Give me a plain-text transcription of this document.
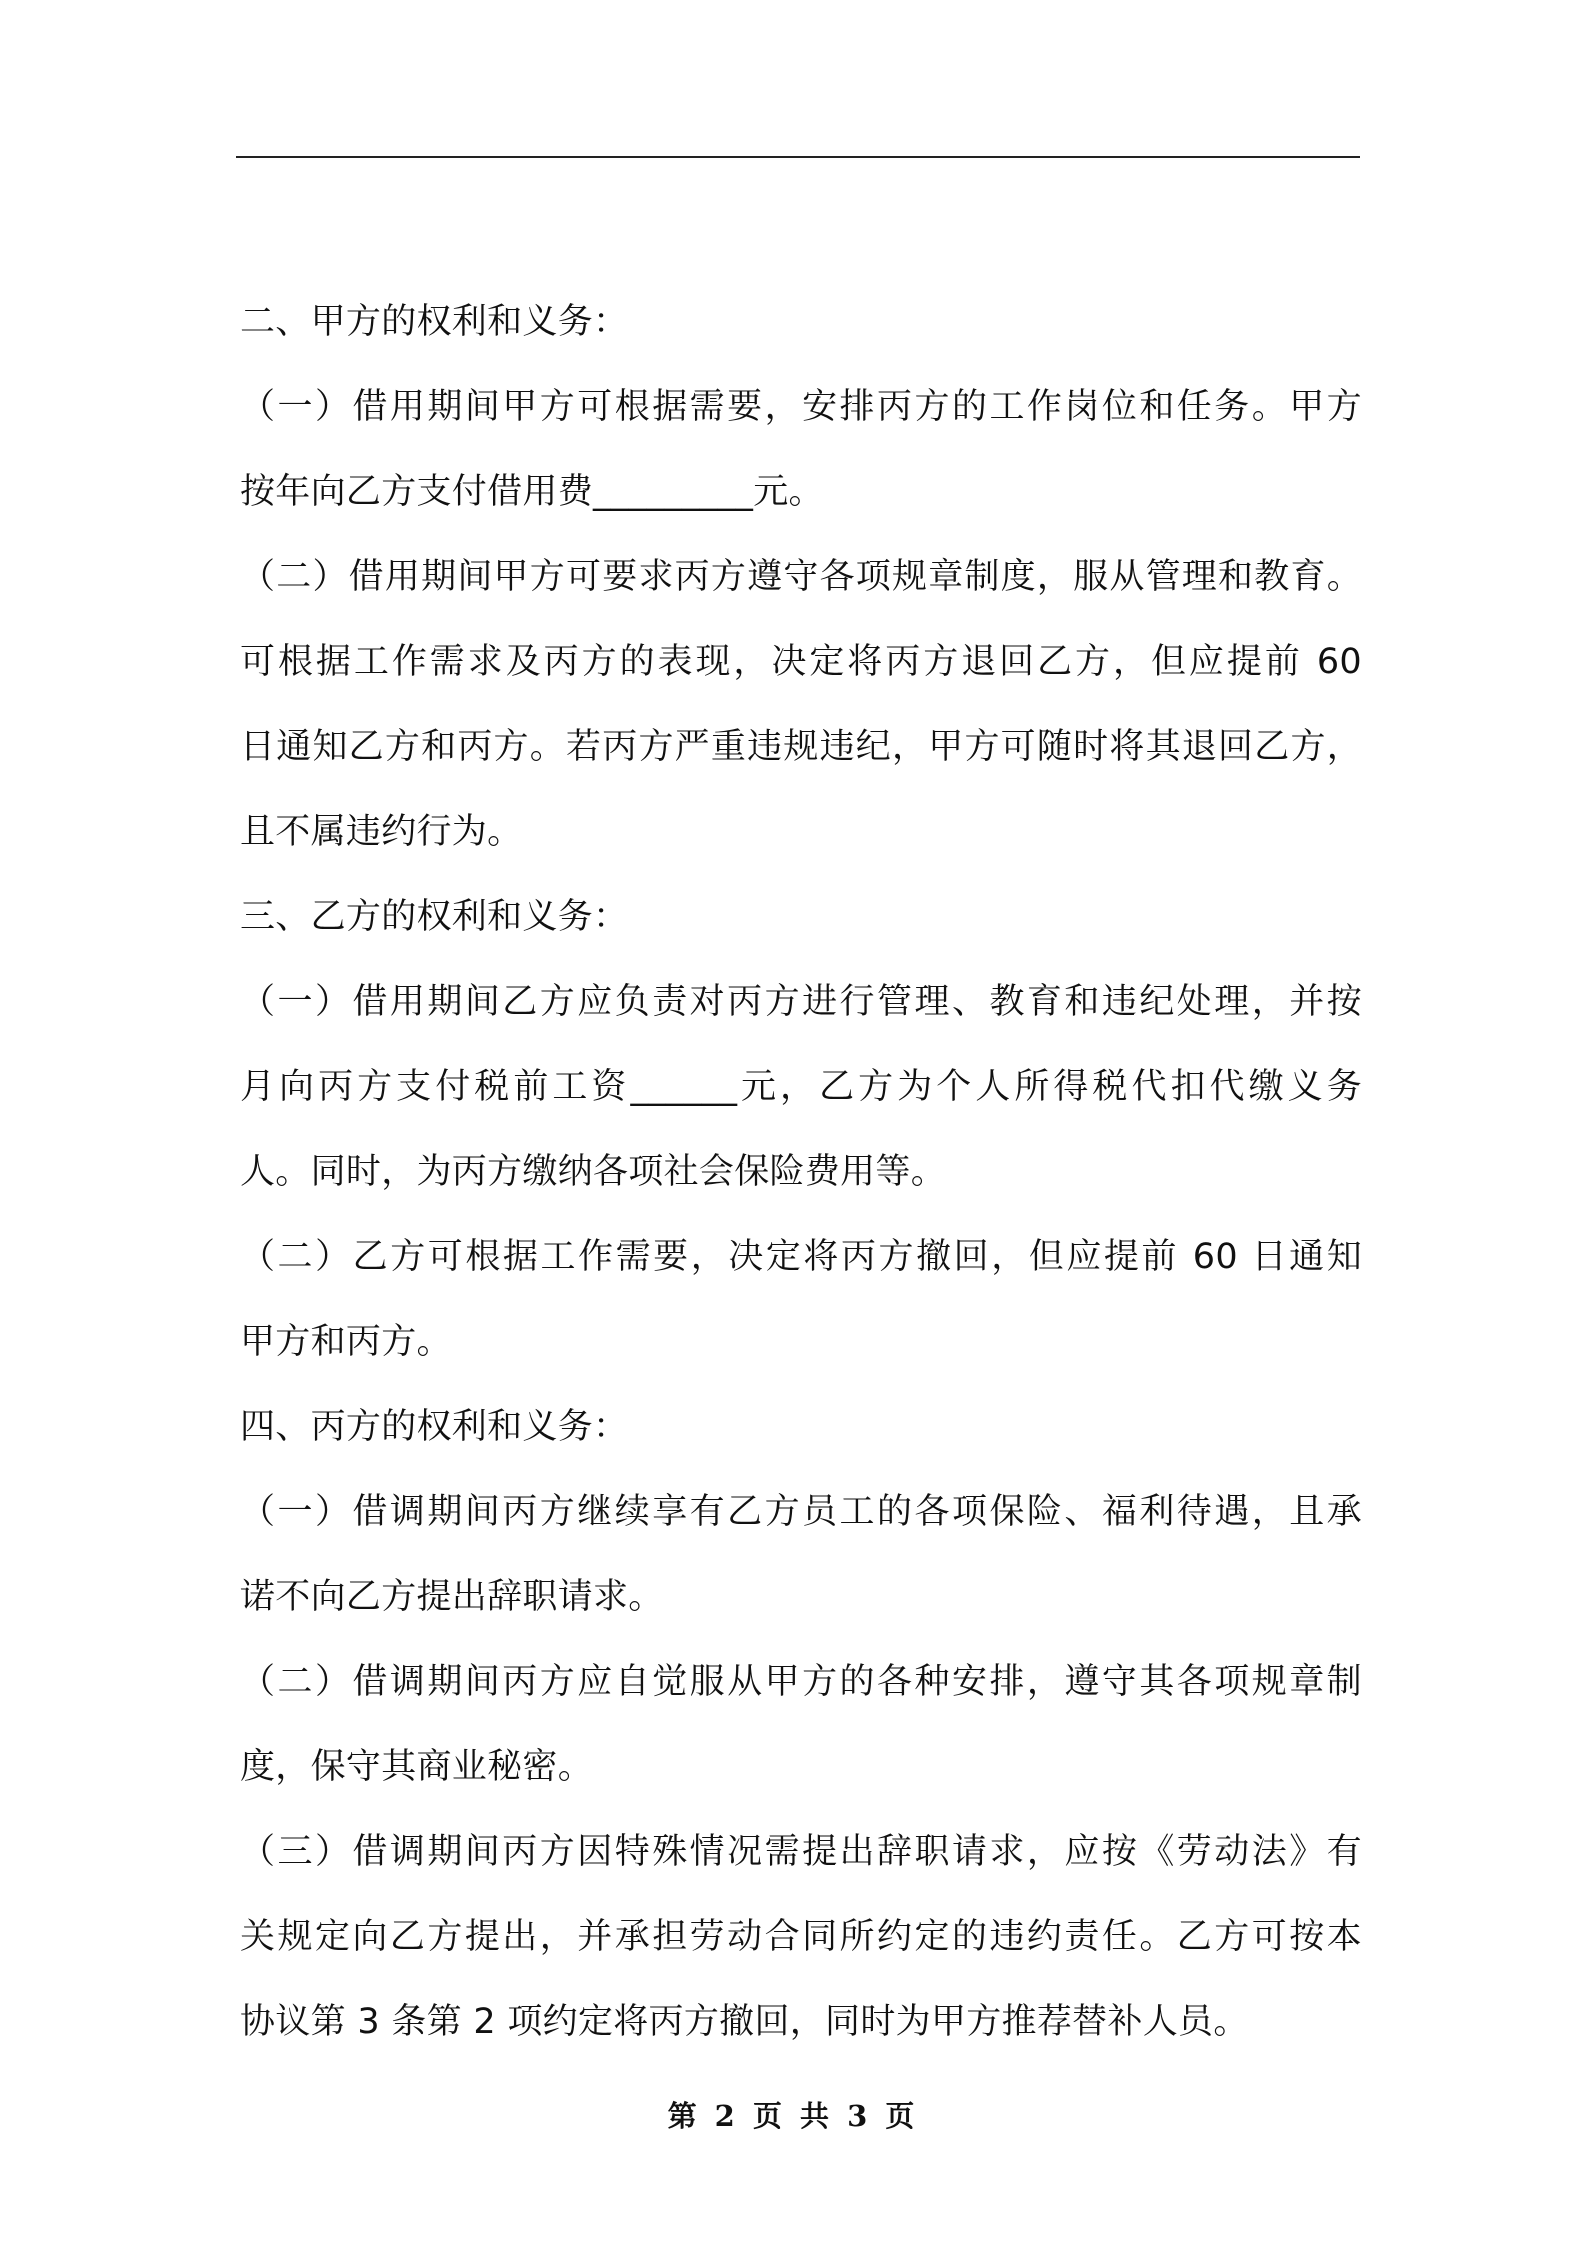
二、甲方的权利和义务：
（一）借用期间甲方可根据需要，安排丙方的工作岗位和任务。甲方
按年向乙方支付借用费_________元。
（二）借用期间甲方可要求丙方遵守各项规章制度，服从管理和教育。
可根据工作需求及丙方的表现，决定将丙方退回乙方，但应提前 60
日通知乙方和丙方。若丙方严重违规违纪，甲方可随时将其退回乙方，
且不属违约行为。
三、乙方的权利和义务：
（一）借用期间乙方应负责对丙方进行管理、教育和违纪处理，并按
月向丙方支付税前工资______元，乙方为个人所得税代扣代缴义务
人。同时，为丙方缴纳各项社会保险费用等。
（二）乙方可根据工作需要，决定将丙方撤回，但应提前 60 日通知
甲方和丙方。
四、丙方的权利和义务：
（一）借调期间丙方继续享有乙方员工的各项保险、福利待遇，且承
诺不向乙方提出辞职请求。
（二）借调期间丙方应自觉服从甲方的各种安排，遵守其各项规章制
度，保守其商业秘密。
（三）借调期间丙方因特殊情况需提出辞职请求，应按《劳动法》有
关规定向乙方提出，并承担劳动合同所约定的违约责任。乙方可按本
协议第 3 条第 2 项约定将丙方撤回，同时为甲方推荐替补人员。
第 2 页 共 3 页
